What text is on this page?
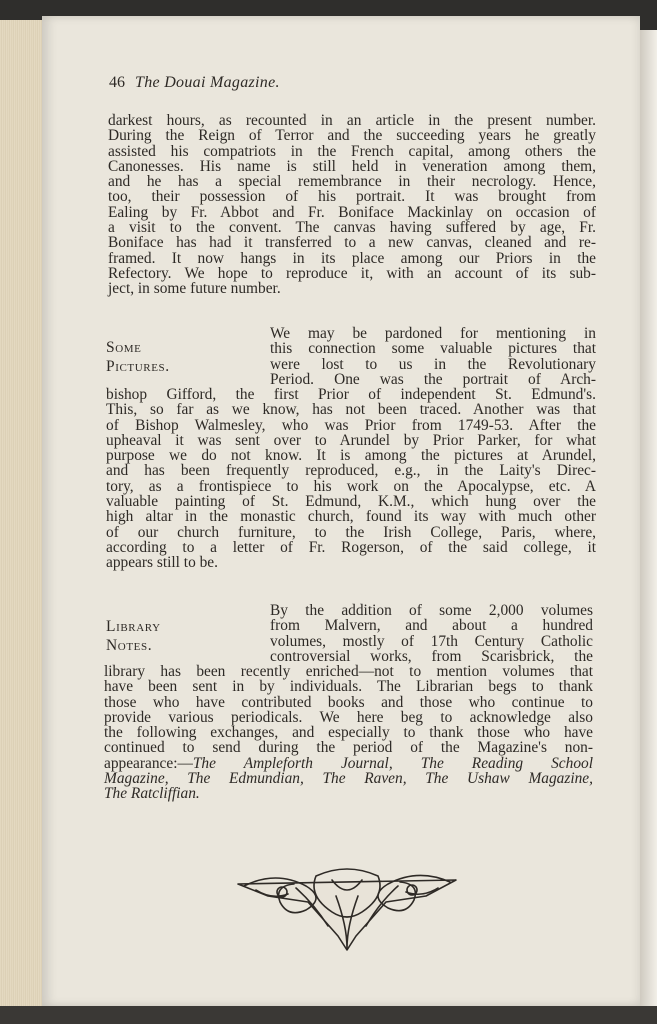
46 The Douai Magazine.
darkest hours, as recounted in an article in the present number.
During the Reign of Terror and the succeeding years he greatly
assisted his compatriots in the French capital, among others the
Canonesses. His name is still held in veneration among them,
and he has a special remembrance in their necrology. Hence,
too, their possession of his portrait. It was brought from
Ealing by Fr. Abbot and Fr. Boniface Mackinlay on occasion of
a visit to the convent. The canvas having suffered by age, Fr.
Boniface has had it transferred to a new canvas, cleaned and re-
framed. It now hangs in its place among our Priors in the
Refectory. We hope to reproduce it, with an account of its sub-
ject, in some future number.
Some
Pictures.
We may be pardoned for mentioning in
this connection some valuable pictures that
were lost to us in the Revolutionary
Period. One was the portrait of Arch-
bishop Gifford, the first Prior of independent St. Edmund's.
This, so far as we know, has not been traced. Another was that
of Bishop Walmesley, who was Prior from 1749-53. After the
upheaval it was sent over to Arundel by Prior Parker, for what
purpose we do not know. It is among the pictures at Arundel,
and has been frequently reproduced, e.g., in the Laity's Direc-
tory, as a frontispiece to his work on the Apocalypse, etc. A
valuable painting of St. Edmund, K.M., which hung over the
high altar in the monastic church, found its way with much other
of our church furniture, to the Irish College, Paris, where,
according to a letter of Fr. Rogerson, of the said college, it
appears still to be.
Library
Notes.
By the addition of some 2,000 volumes
from Malvern, and about a hundred
volumes, mostly of 17th Century Catholic
controversial works, from Scarisbrick, the
library has been recently enriched—not to mention volumes that
have been sent in by individuals. The Librarian begs to thank
those who have contributed books and those who continue to
provide various periodicals. We here beg to acknowledge also
the following exchanges, and especially to thank those who have
continued to send during the period of the Magazine's non-
appearance:—The Ampleforth Journal, The Reading School
Magazine, The Edmundian, The Raven, The Ushaw Magazine,
The Ratcliffian.
